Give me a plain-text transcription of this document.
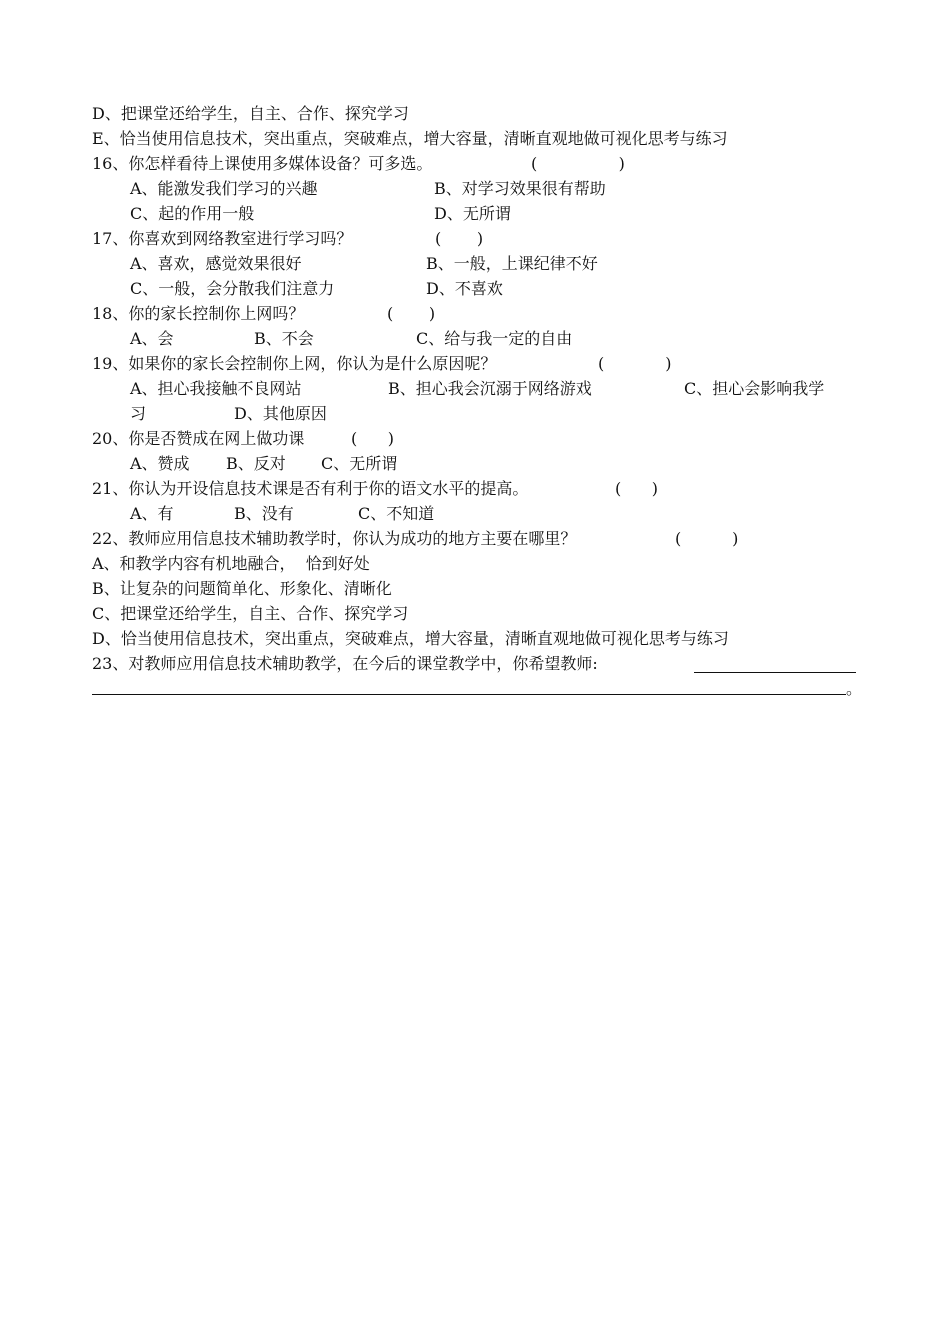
D、把课堂还给学生，自主、合作、探究学习
E、恰当使用信息技术，突出重点，突破难点，增大容量，清晰直观地做可视化思考与练习
16、你怎样看待上课使用多媒体设备？可多选。	(                )
A、能激发我们学习的兴趣	B、对学习效果很有帮助
C、起的作用一般	D、无所谓
17、你喜欢到网络教室进行学习吗？	(       )
A、喜欢，感觉效果很好	B、一般，上课纪律不好
C、一般，会分散我们注意力	D、不喜欢
18、你的家长控制你上网吗？	(       )
A、会	B、不会	C、给与我一定的自由
19、如果你的家长会控制你上网，你认为是什么原因呢？	(            )
A、担心我接触不良网站	B、担心我会沉溺于网络游戏	C、担心会影响我学
习	D、其他原因
20、你是否赞成在网上做功课	(      )
A、赞成 B、反对 C、无所谓
21、你认为开设信息技术课是否有利于你的语文水平的提高。	(      )
A、有	B、没有	C、不知道
22、教师应用信息技术辅助教学时，你认为成功的地方主要在哪里？	(          )
A、和教学内容有机地融合，  恰到好处
B、让复杂的问题简单化、形象化、清晰化
C、把课堂还给学生，自主、合作、探究学习
D、恰当使用信息技术，突出重点，突破难点，增大容量，清晰直观地做可视化思考与练习
23、对教师应用信息技术辅助教学，在今后的课堂教学中，你希望教师:
。
